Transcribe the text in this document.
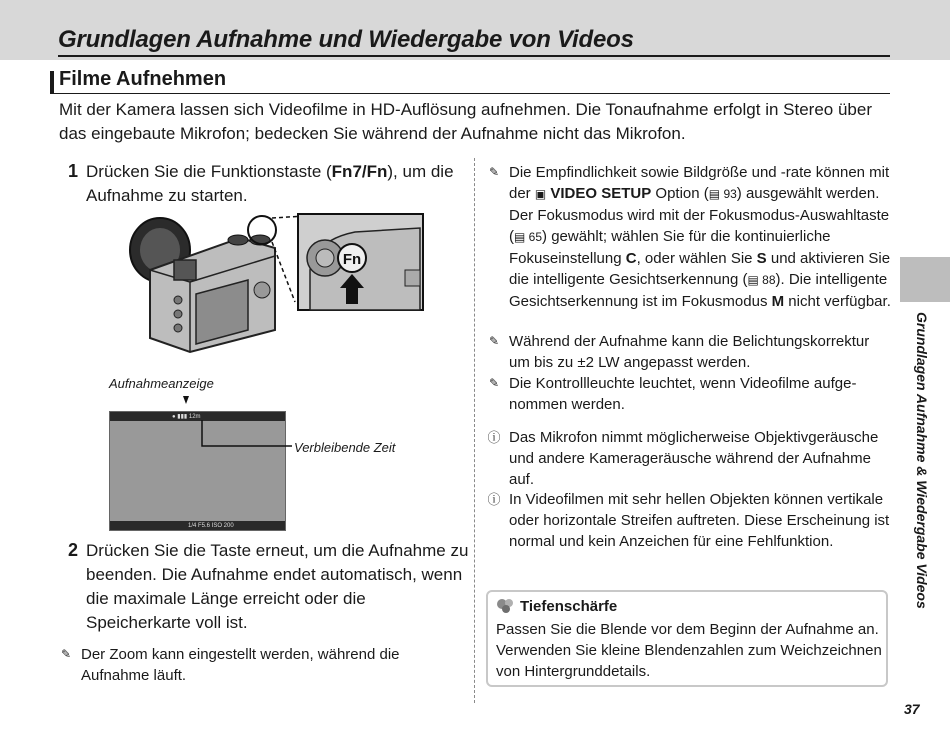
Grundlagen Aufnahme und Wiedergabe von Videos
Filme Aufnehmen

Mit der Kamera lassen sich Videofilme in HD-Auflösung aufnehmen. Die Tonaufnahme erfolgt in Stereo über das eingebaute Mikrofon; bedecken Sie während der Aufnahme nicht das Mikrofon.

1 Drücken Sie die Funktionstaste (Fn7/Fn), um die Aufnahme zu starten.

Fn
Aufnahmeanzeige
● ▮▮▮ 12m
1/4 F5.6 ISO 200
Verbleibende Zeit
2 Drücken Sie die Taste erneut, um die Aufnahme zu beenden. Die Aufnahme endet automatisch, wenn die maximale Länge erreicht oder die Speicherkarte voll ist.

✎ Der Zoom kann eingestellt werden, während die Aufnahme läuft.
✎ Die Empfindlichkeit sowie Bildgröße und -rate können mit der ▣ VIDEO SETUP Option (▤ 93) ausgewählt werden. Der Fokusmodus wird mit der Fokusmodus-Auswahltaste (▤ 65) gewählt; wählen Sie für die kontinuierliche Fokuseinstellung C, oder wählen Sie S und aktivieren Sie die intelligente Gesichtserkennung (▤ 88). Die intelligente Gesichtserkennung ist im Fokusmodus M nicht verfügbar.
✎ Während der Aufnahme kann die Belichtungskorrektur um bis zu ±2 LW angepasst werden.
✎ Die Kontrollleuchte leuchtet, wenn Videofilme aufgenommen werden.
ⓘ Das Mikrofon nimmt möglicherweise Objektivgeräusche und andere Kamerageräusche während der Aufnahme auf.
ⓘ In Videofilmen mit sehr hellen Objekten können vertikale oder horizontale Streifen auftreten. Diese Erscheinung ist normal und kein Anzeichen für eine Fehlfunktion.

Tiefenschärfe

Passen Sie die Blende vor dem Beginn der Aufnahme an. Verwenden Sie kleine Blendenzahlen zum Weichzeichnen von Hintergrunddetails.

Grundlagen Aufnahme & Wiedergabe Videos
37
